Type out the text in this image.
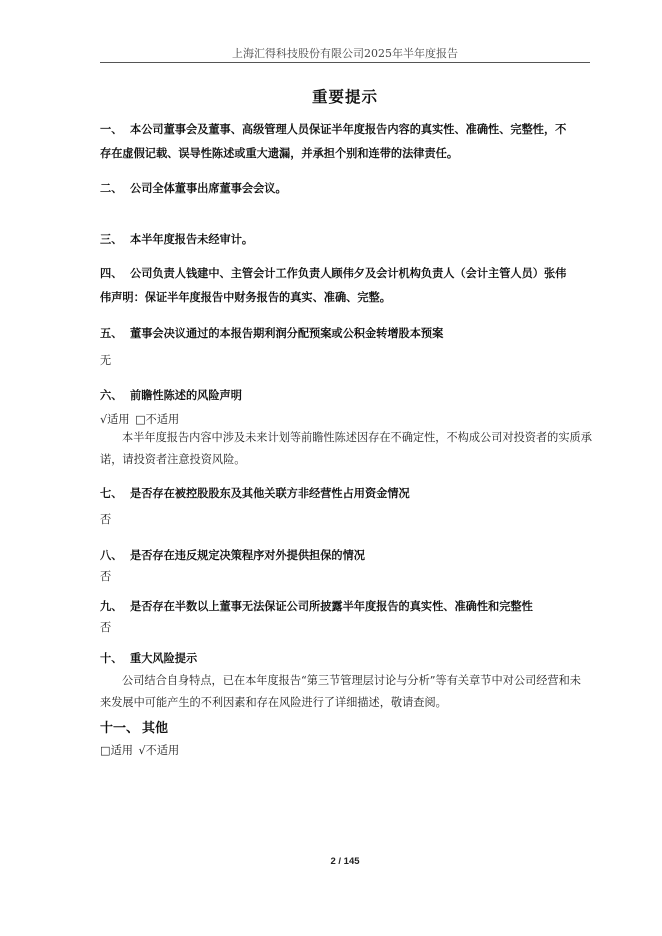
上海汇得科技股份有限公司2025年半年度报告
重要提示
一、 本公司董事会及董事、高级管理人员保证半年度报告内容的真实性、准确性、完整性，不
存在虚假记载、误导性陈述或重大遗漏，并承担个别和连带的法律责任。
二、 公司全体董事出席董事会会议。
三、 本半年度报告未经审计。
四、 公司负责人钱建中、主管会计工作负责人顾伟夕及会计机构负责人（会计主管人员）张伟
伟声明：保证半年度报告中财务报告的真实、准确、完整。
五、 董事会决议通过的本报告期利润分配预案或公积金转增股本预案
无
六、 前瞻性陈述的风险声明
√适用 □不适用
本半年度报告内容中涉及未来计划等前瞻性陈述因存在不确定性，不构成公司对投资者的实质承诺，请投资者注意投资风险。
七、 是否存在被控股股东及其他关联方非经营性占用资金情况
否
八、 是否存在违反规定决策程序对外提供担保的情况
否
九、 是否存在半数以上董事无法保证公司所披露半年度报告的真实性、准确性和完整性
否
十、 重大风险提示
公司结合自身特点，已在本年度报告“第三节管理层讨论与分析”等有关章节中对公司经营和未来发展中可能产生的不利因素和存在风险进行了详细描述，敬请查阅。
十一、 其他
□适用 √不适用
2 / 145
